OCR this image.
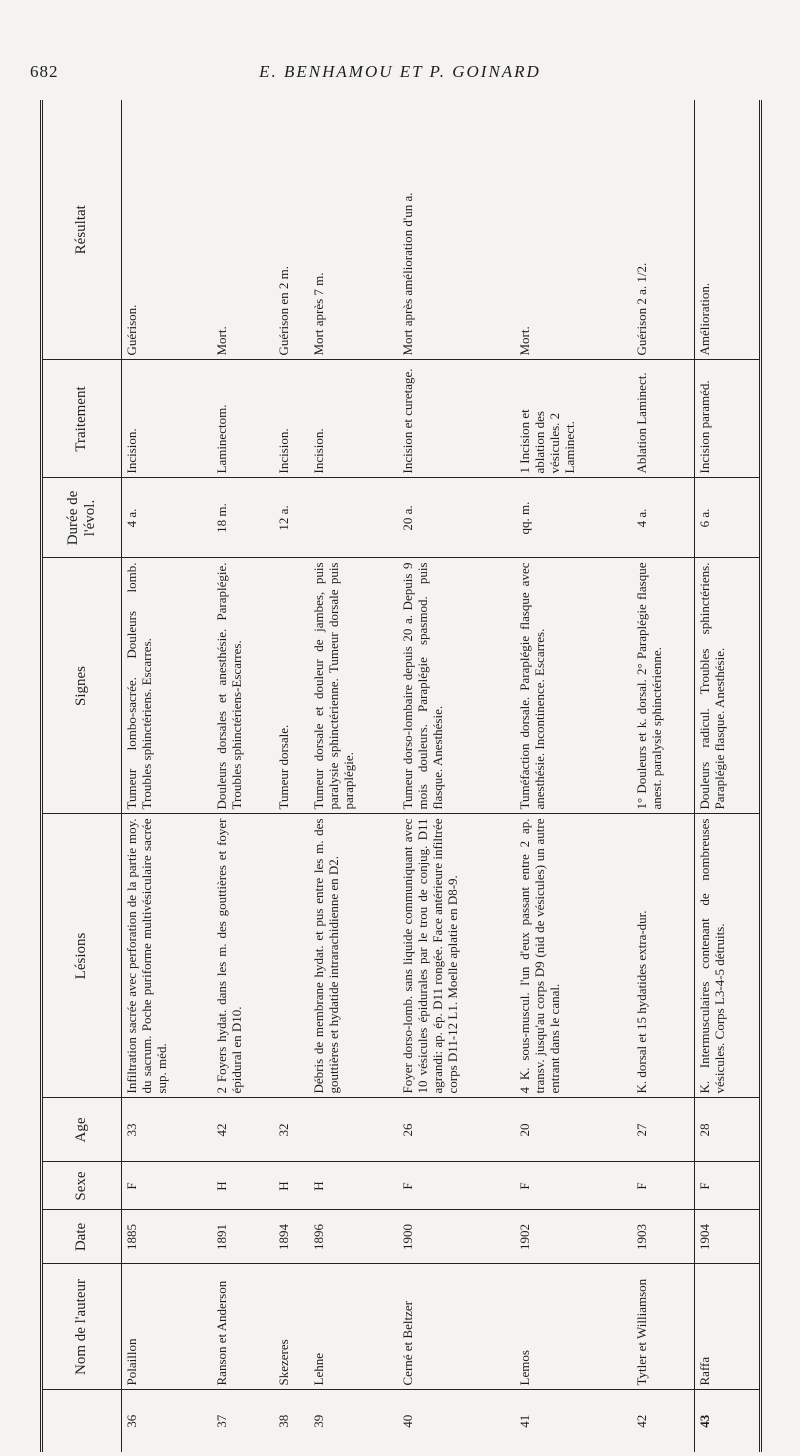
682	E. BENHAMOU ET P. GOINARD
	Nom de l'auteur	Date	Sexe	Age	Lésions	Signes	Durée de l'évol.	Traitement	Résultat
36	Polaillon	1885	F	33	Infiltration sacrée avec perforation de la partie moy. du sacrum. Poche puriforme multivésiculaire sacrée sup. méd.	Tumeur lombo-sacrée. Douleurs lomb. Troubles sphinctériens. Escarres.	4 a.	Incision.	Guérison.
37	Ranson et Anderson	1891	H	42	2 Foyers hydat. dans les m. des gouttières et foyer épidural en D10.	Douleurs dorsales et anesthésie. Paraplégie. Troubles sphinctériens-Escarres.	18 m.	Laminectom.	Mort.
38	Skezeres	1894	H	32		Tumeur dorsale.	12 a.	Incision.	Guérison en 2 m.
39	Lehne	1896	H		Débris de membrane hydat. et pus entre les m. des gouttières et hydatide intrarachidienne en D2.	Tumeur dorsale et douleur de jambes, puis paralysie sphinctérienne. Tumeur dorsale puis paraplégie.		Incision.	Mort après 7 m.
40	Cerné et Beltzer	1900	F	26	Foyer dorso-lomb. sans liquide communiquant avec 10 vésicules épidurales par le trou de conjug. D11 agrandi: ap. ép. D11 rongée. Face antérieure infiltrée corps D11-12 L1. Moelle aplatie en D8-9.	Tumeur dorso-lombaire depuis 20 a. Depuis 9 mois douleurs. Paraplégie spasmod. puis flasque. Anesthésie.	20 a.	Incision et curetage.	Mort après amélioration d'un a.
41	Lemos	1902	F	20	4 K. sous-muscul. l'un d'eux passant entre 2 ap. transv. jusqu'au corps D9 (nid de vésicules) un autre entrant dans le canal.	Tuméfaction dorsale. Paraplégie flasque avec anesthésie. Incontinence. Escarres.	qq. m.	1 Incision et ablation des vésicules. 2 Laminect.	Mort.
42	Tytler et Williamson	1903	F	27	K. dorsal et 15 hydatides extra-dur.	1° Douleurs et k. dorsal. 2° Paraplégie flasque anest. paralysie sphinctérienne.	4 a.	Ablation Laminect.	Guérison 2 a. 1/2.
43	Raffa	1904	F	28	K. Intermusculaires contenant de nombreuses vésicules. Corps L3-4-5 détruits.	Douleurs radicul. Troubles sphinctériens. Paraplégie flasque. Anesthésie.	6 a.	Incision paraméd.	Amélioration.
